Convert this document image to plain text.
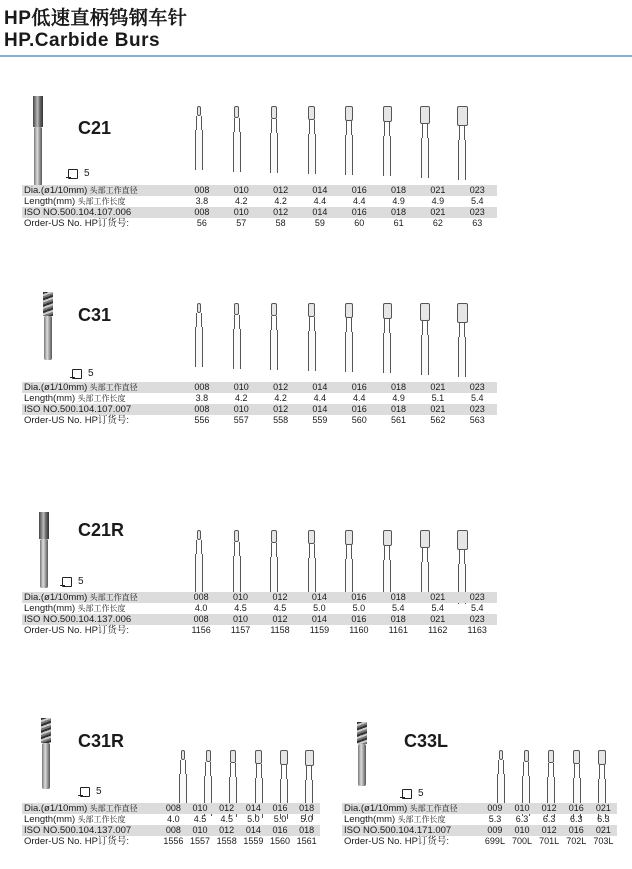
HP低速直柄钨钢车针
HP.Carbide Burs
C21
5
Dia.(ø1/10mm) 头部工作直径	008	010	012	014	016	018	021	023
Length(mm) 头部工作长度	3.8	4.2	4.2	4.4	4.4	4.9	4.9	5.4
ISO NO.500.104.107.006	008	010	012	014	016	018	021	023
Order-US No. HP订货号:	56	57	58	59	60	61	62	63
C31
5
Dia.(ø1/10mm) 头部工作直径	008	010	012	014	016	018	021	023
Length(mm) 头部工作长度	3.8	4.2	4.2	4.4	4.4	4.9	5.1	5.4
ISO NO.500.104.107.007	008	010	012	014	016	018	021	023
Order-US No. HP订货号:	556	557	558	559	560	561	562	563
C21R
5
Dia.(ø1/10mm) 头部工作直径	008	010	012	014	016	018	021	023
Length(mm) 头部工作长度	4.0	4.5	4.5	5.0	5.0	5.4	5.4	5.4
ISO NO.500.104.137.006	008	010	012	014	016	018	021	023
Order-US No. HP订货号:	1156	1157	1158	1159	1160	1161	1162	1163
C31R
5
Dia.(ø1/10mm) 头部工作直径	008	010	012	014	016	018
Length(mm) 头部工作长度	4.0	4.5	4.5	5.0	5.0	5.0
ISO NO.500.104.137.007	008	010	012	014	016	018
Order-US No. HP订货号:	1556	1557	1558	1559	1560	1561
C33L
5
Dia.(ø1/10mm) 头部工作直径	009	010	012	016	021
Length(mm) 头部工作长度	5.3	6.3	6.3	6.3	6.3
ISO NO.500.104.171.007	009	010	012	016	021
Order-US No. HP订货号:	699L	700L	701L	702L	703L
